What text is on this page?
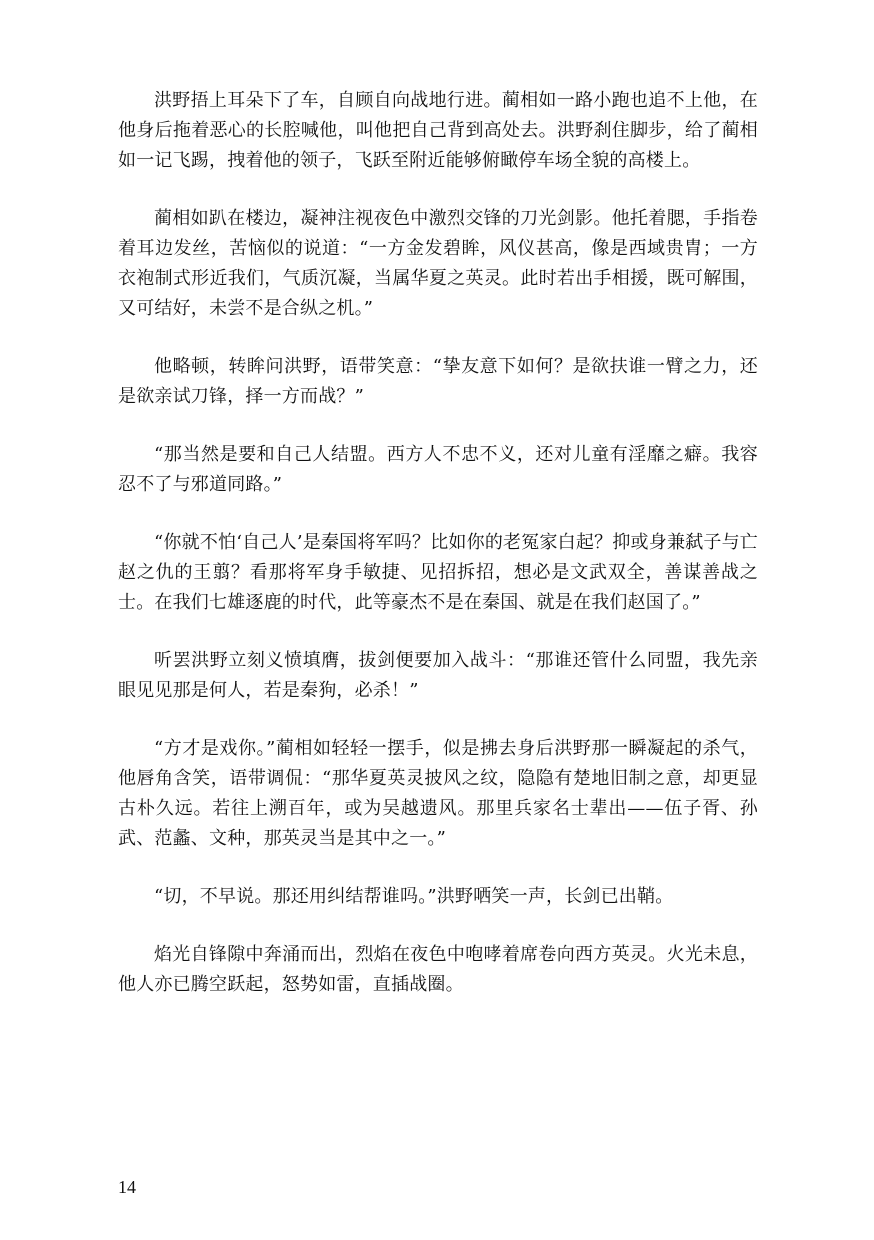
洪野捂上耳朵下了车，自顾自向战地行进。蔺相如一路小跑也追不上他，在他身后拖着恶心的长腔喊他，叫他把自己背到高处去。洪野刹住脚步，给了蔺相如一记飞踢，拽着他的领子，飞跃至附近能够俯瞰停车场全貌的高楼上。

蔺相如趴在楼边，凝神注视夜色中激烈交锋的刀光剑影。他托着腮，手指卷着耳边发丝，苦恼似的说道：“一方金发碧眸，风仪甚高，像是西域贵胄；一方衣袍制式形近我们，气质沉凝，当属华夏之英灵。此时若出手相援，既可解围，又可结好，未尝不是合纵之机。”

他略顿，转眸问洪野，语带笑意：“挚友意下如何？是欲扶谁一臂之力，还是欲亲试刀锋，择一方而战？”

“那当然是要和自己人结盟。西方人不忠不义，还对儿童有淫靡之癖。我容忍不了与邪道同路。”

“你就不怕‘自己人’是秦国将军吗？比如你的老冤家白起？抑或身兼弑子与亡赵之仇的王翦？看那将军身手敏捷、见招拆招，想必是文武双全，善谋善战之士。在我们七雄逐鹿的时代，此等豪杰不是在秦国、就是在我们赵国了。”

听罢洪野立刻义愤填膺，拔剑便要加入战斗：“那谁还管什么同盟，我先亲眼见见那是何人，若是秦狗，必杀！”

“方才是戏你。”蔺相如轻轻一摆手，似是拂去身后洪野那一瞬凝起的杀气，他唇角含笑，语带调侃：“那华夏英灵披风之纹，隐隐有楚地旧制之意，却更显古朴久远。若往上溯百年，或为吴越遗风。那里兵家名士辈出——伍子胥、孙武、范蠡、文种，那英灵当是其中之一。”

“切，不早说。那还用纠结帮谁吗。”洪野哂笑一声，长剑已出鞘。

焰光自锋隙中奔涌而出，烈焰在夜色中咆哮着席卷向西方英灵。火光未息，他人亦已腾空跃起，怒势如雷，直插战圈。

14
